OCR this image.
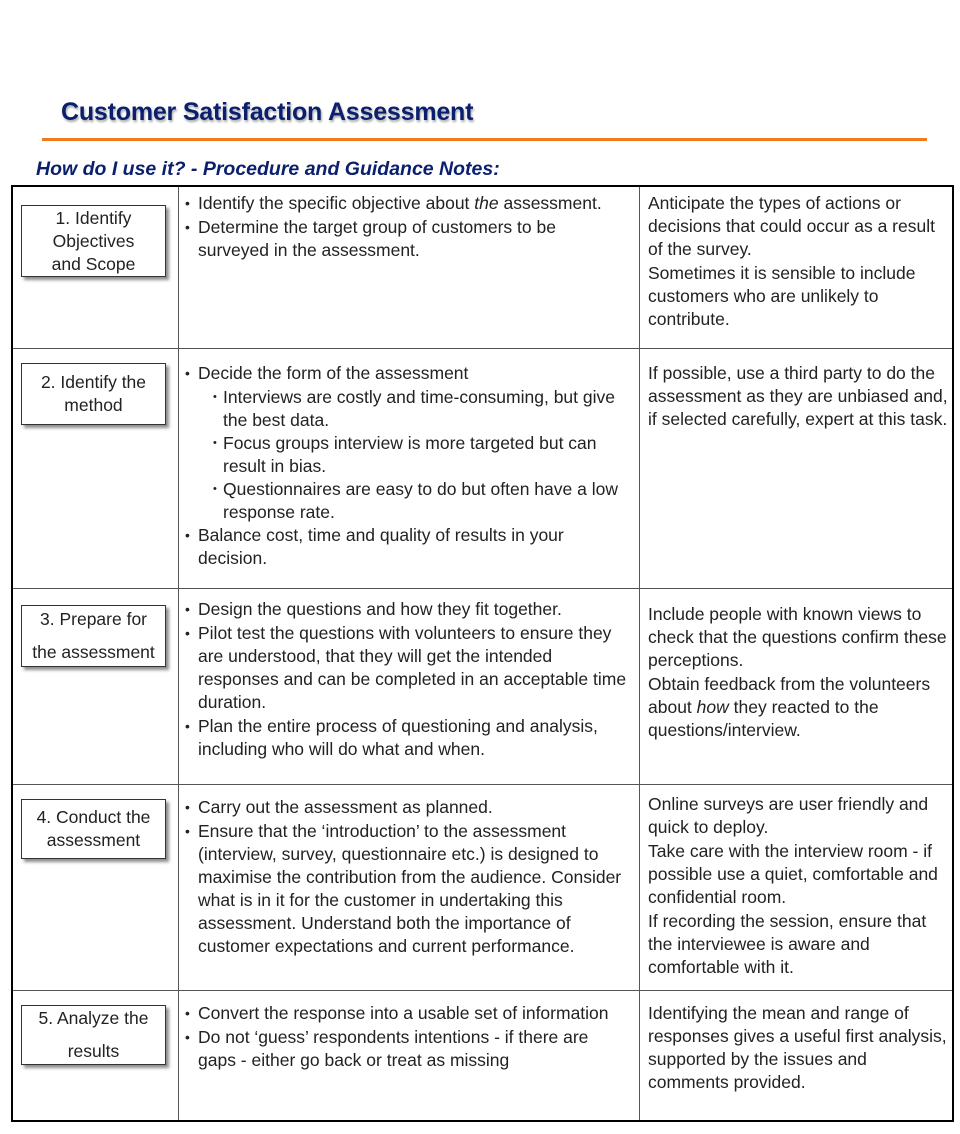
Customer Satisfaction Assessment
How do I use it? - Procedure and Guidance Notes:
1. Identify
Objectives
and Scope
• Identify the specific objective about the assessment.
• Determine the target group of customers to be surveyed in the assessment.

Anticipate the types of actions or decisions that could occur as a result of the survey.

Sometimes it is sensible to include customers who are unlikely to contribute.

2. Identify the
method
• Decide the form of the assessment
• Interviews are costly and time-consuming, but give the best data.
• Focus groups interview is more targeted but can result in bias.
• Questionnaires are easy to do but often have a low response rate.
• Balance cost, time and quality of results in your decision.

If possible, use a third party to do the assessment as they are unbiased and, if selected carefully, expert at this task.

3. Prepare for
the assessment
• Design the questions and how they fit together.
• Pilot test the questions with volunteers to ensure they are understood, that they will get the intended responses and can be completed in an acceptable time duration.
• Plan the entire process of questioning and analysis, including who will do what and when.

Include people with known views to check that the questions confirm these perceptions.

Obtain feedback from the volunteers about how they reacted to the questions/interview.

4. Conduct the
assessment
• Carry out the assessment as planned.
• Ensure that the ‘introduction’ to the assessment (interview, survey, questionnaire etc.) is designed to maximise the contribution from the audience. Consider what is in it for the customer in undertaking this assessment. Understand both the importance of customer expectations and current performance.

Online surveys are user friendly and quick to deploy.

Take care with the interview room - if possible use a quiet, comfortable and confidential room.

If recording the session, ensure that the interviewee is aware and comfortable with it.

5. Analyze the
results
• Convert the response into a usable set of information
• Do not ‘guess’ respondents intentions - if there are gaps - either go back or treat as missing

Identifying the mean and range of responses gives a useful first analysis, supported by the issues and comments provided.
